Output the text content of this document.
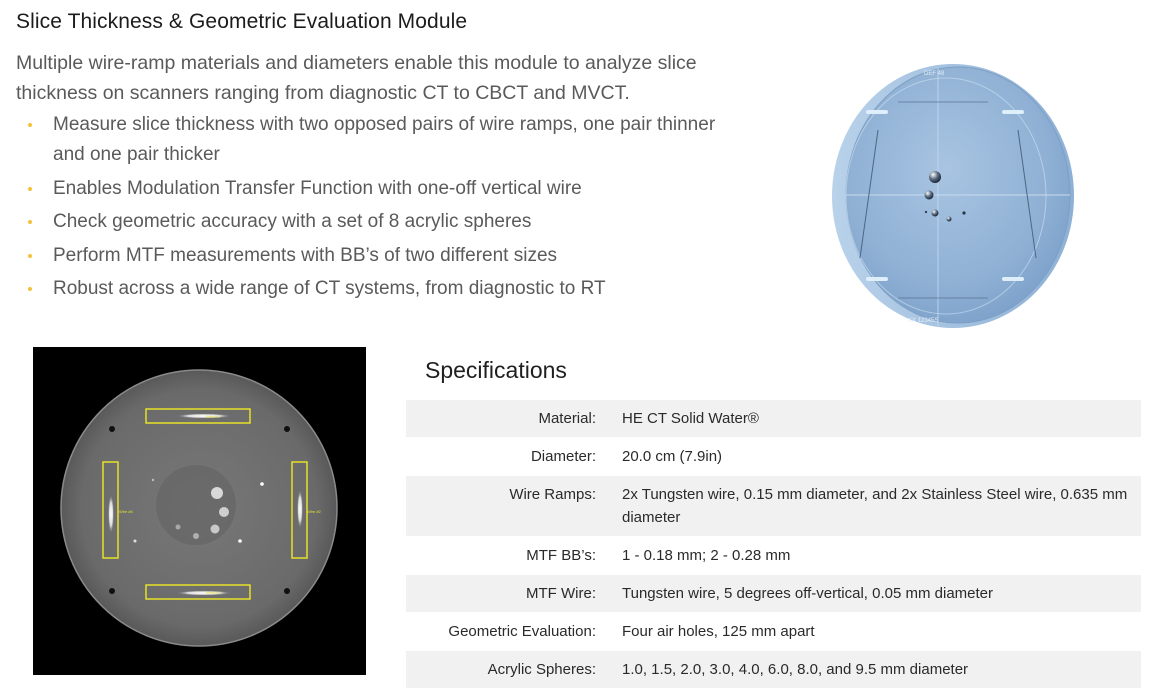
Slice Thickness & Geometric Evaluation Module

Multiple wire-ramp materials and diameters enable this module to analyze slice thickness on scanners ranging from diagnostic CT to CBCT and MVCT.

Measure slice thickness with two opposed pairs of wire ramps, one pair thinner and one pair thicker
Enables Modulation Transfer Function with one-off vertical wire
Check geometric accuracy with a set of 8 acrylic spheres
Perform MTF measurements with BB’s of two different sizes
Robust across a wide range of CT systems, from diagnostic to RT
DEF 48
XX 12345S
Wire #1
Wire #2
Wire #3
Wire #4
Specifications
Material:	HE CT Solid Water®
Diameter:	20.0 cm (7.9in)
Wire Ramps:	2x Tungsten wire, 0.15 mm diameter, and 2x Stainless Steel wire, 0.635 mm diameter
MTF BB’s:	1 - 0.18 mm; 2 - 0.28 mm
MTF Wire:	Tungsten wire, 5 degrees off-vertical, 0.05 mm diameter
Geometric Evaluation:	Four air holes, 125 mm apart
Acrylic Spheres:	1.0, 1.5, 2.0, 3.0, 4.0, 6.0, 8.0, and 9.5 mm diameter
